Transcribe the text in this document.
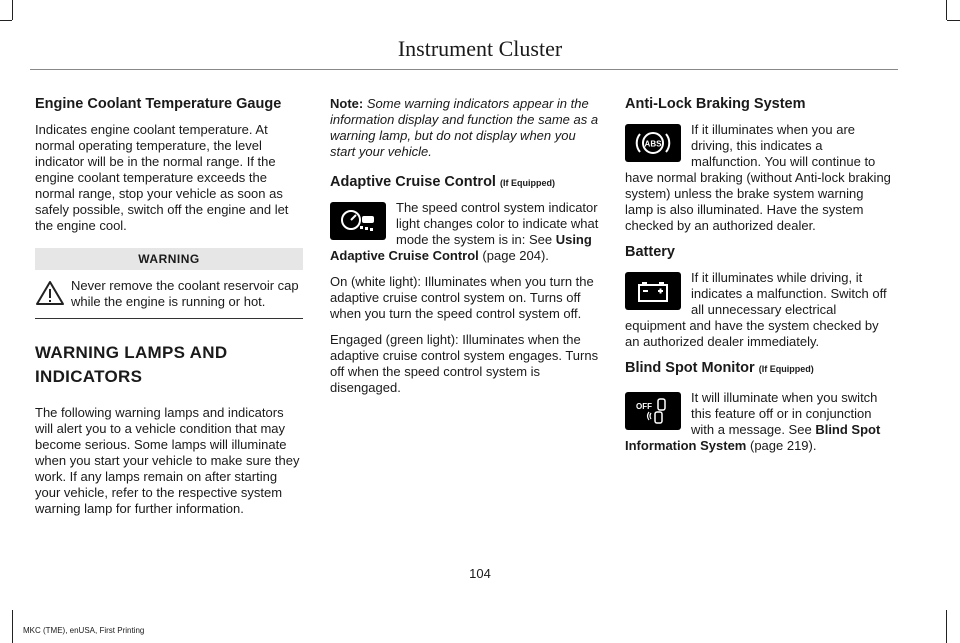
Instrument Cluster
Engine Coolant Temperature Gauge

Indicates engine coolant temperature. At normal operating temperature, the level indicator will be in the normal range. If the engine coolant temperature exceeds the normal range, stop your vehicle as soon as safely possible, switch off the engine and let the engine cool.

WARNING
Never remove the coolant reservoir cap while the engine is running or hot.
WARNING LAMPS AND
INDICATORS

The following warning lamps and indicators will alert you to a vehicle condition that may become serious. Some lamps will illuminate when you start your vehicle to make sure they work. If any lamps remain on after starting your vehicle, refer to the respective system warning lamp for further information.

Note: Some warning indicators appear in the information display and function the same as a warning lamp, but do not display when you start your vehicle.

Adaptive Cruise Control (If Equipped)

The speed control system indicator light changes color to indicate what mode the system is in: See Using Adaptive Cruise Control (page 204).

On (white light): Illuminates when you turn the adaptive cruise control system on. Turns off when you turn the speed control system off.

Engaged (green light): Illuminates when the adaptive cruise control system engages. Turns off when the speed control system is disengaged.

Anti-Lock Braking System
ABS

If it illuminates when you are driving, this indicates a malfunction. You will continue to have normal braking (without Anti-lock braking system) unless the brake system warning lamp is also illuminated. Have the system checked by an authorized dealer.

Battery

If it illuminates while driving, it indicates a malfunction. Switch off all unnecessary electrical equipment and have the system checked by an authorized dealer immediately.

Blind Spot Monitor (If Equipped)
OFF

It will illuminate when you switch this feature off or in conjunction with a message. See Blind Spot Information System (page 219).

104
MKC (TME), enUSA, First Printing
